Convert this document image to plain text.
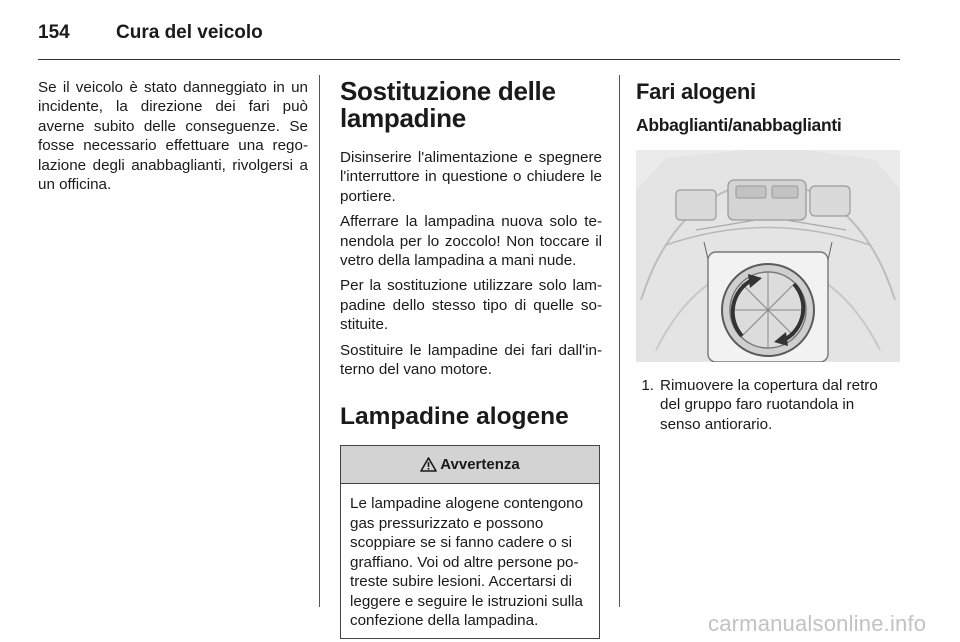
154	Cura del veicolo
Se il veicolo è stato danneggiato in un incidente, la direzione dei fari può averne subito delle conseguenze. Se fosse necessario effettuare una regolazione degli anabbaglianti, rivolgersi a un officina.
Sostituzione delle lampadine

Disinserire l'alimentazione e spegnere l'interruttore in questione o chiudere le portiere.

Afferrare la lampadina nuova solo tenendola per lo zoccolo! Non toccare il vetro della lampadina a mani nude.

Per la sostituzione utilizzare solo lampadine dello stesso tipo di quelle sostituite.

Sostituire le lampadine dei fari dall'interno del vano motore.

Lampadine alogene
Avvertenza
Le lampadine alogene contengono gas pressurizzato e possono scoppiare se si fanno cadere o si graffiano. Voi od altre persone potreste subire lesioni. Accertarsi di leggere e seguire le istruzioni sulla confezione della lampadina.
Fari alogeni
Abbaglianti/anabbaglianti
1. Rimuovere la copertura dal retro del gruppo faro ruotandola in senso antiorario.
carmanualsonline.info
